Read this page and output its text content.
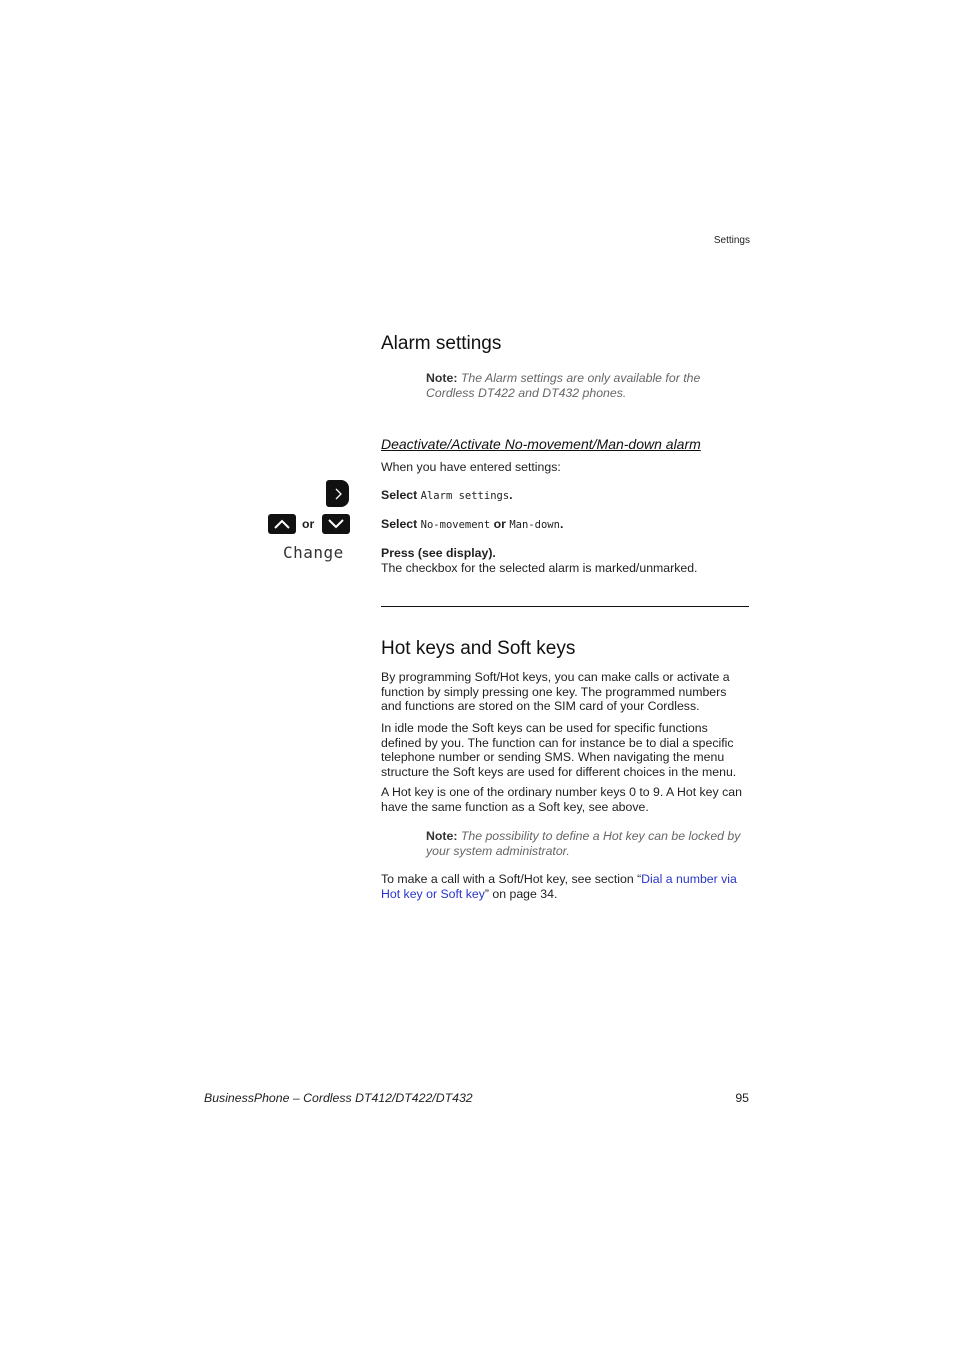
Settings
Alarm settings
Note: The Alarm settings are only available for the Cordless DT422 and DT432 phones.
Deactivate/Activate No-movement/Man-down alarm
When you have entered settings:
or
Change
Select Alarm settings.
Select No-movement or Man-down.

Press (see display).

The checkbox for the selected alarm is marked/unmarked.

Hot keys and Soft keys

By programming Soft/Hot keys, you can make calls or activate a function by simply pressing one key. The programmed numbers and functions are stored on the SIM card of your Cordless.

In idle mode the Soft keys can be used for specific functions defined by you. The function can for instance be to dial a specific telephone number or sending SMS. When navigating the menu structure the Soft keys are used for different choices in the menu.

A Hot key is one of the ordinary number keys 0 to 9. A Hot key can have the same function as a Soft key, see above.

Note: The possibility to define a Hot key can be locked by your system administrator.

To make a call with a Soft/Hot key, see section “Dial a number via Hot key or Soft key” on page 34.

BusinessPhone – Cordless DT412/DT422/DT432	95
